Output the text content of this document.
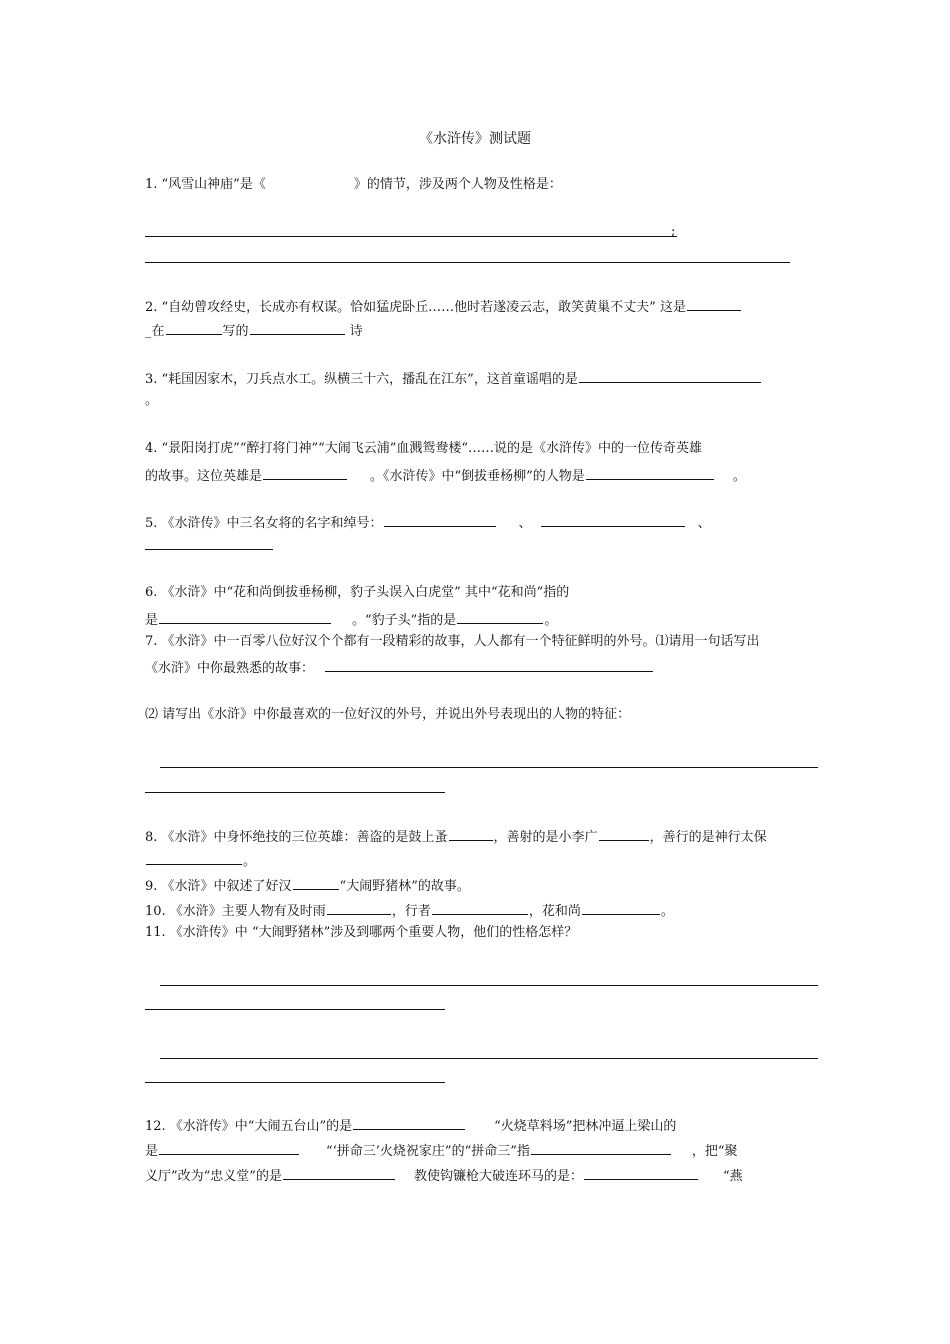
《水浒传》测试题
1. “风雪山神庙”是《	》的情节，涉及两个人物及性格是：
;
2. “自幼曾攻经史，长成亦有权谋。恰如猛虎卧丘……他时若遂凌云志，敢笑黄巢不丈夫” 这是
_在	写的	诗
3. “耗国因家木，刀兵点水工。纵横三十六，播乱在江东”，这首童谣唱的是
。
4. “景阳岗打虎”“醉打将门神”“大闹飞云浦”血溅鸳鸯楼“……说的是《水浒传》中的一位传奇英雄
的故事。这位英雄是	。《水浒传》中“倒拔垂杨柳”的人物是	。
5. 《水浒传》中三名女将的名字和绰号：	、	、
6. 《水浒》中“花和尚倒拔垂杨柳，豹子头误入白虎堂” 其中“花和尚”指的
是	。“豹子头”指的是	。
7. 《水浒》中一百零八位好汉个个都有一段精彩的故事，人人都有一个特征鲜明的外号。⑴请用一句话写出
《水浒》中你最熟悉的故事：
⑵ 请写出《水浒》中你最喜欢的一位好汉的外号，并说出外号表现出的人物的特征：
8. 《水浒》中身怀绝技的三位英雄：善盗的是鼓上蚤	，善射的是小李广	，善行的是神行太保
。
9. 《水浒》中叙述了好汉	“大闹野猪林”的故事。
10. 《水浒》主要人物有及时雨	，行者	，花和尚	。
11. 《水浒传》中 “大闹野猪林”涉及到哪两个重要人物，他们的性格怎样？
12. 《水浒传》中“大闹五台山”的是	“火烧草料场”把林冲逼上梁山的
是	“‘拼命三’火烧祝家庄”的“拼命三”指	，把“聚
义厅”改为“忠义堂”的是	教使钩镰枪大破连环马的是：	“燕
